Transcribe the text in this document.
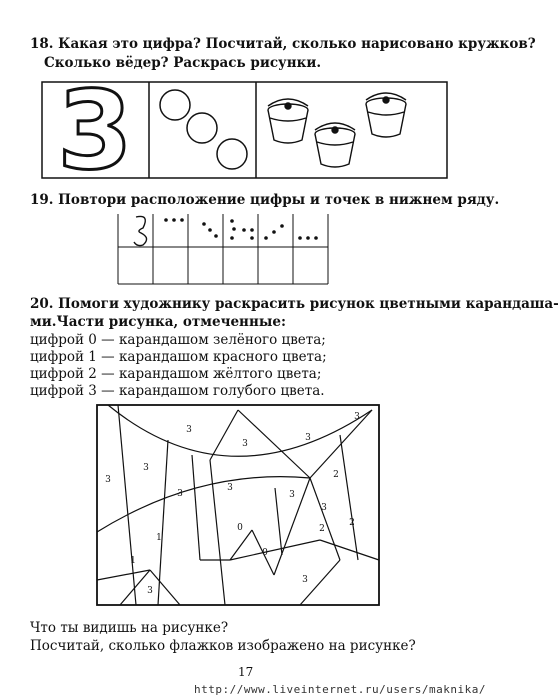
18. Какая это цифра? Посчитай, сколько нарисовано кружков?
Сколько вёдер? Раскрась рисунки.
3
3
3
3
3
3
3
3
3
3
2
2
2
1
1
0
0
3
3
3
19. Повтори расположение цифры и точек в нижнем ряду.
20. Помоги художнику раскрасить рисунок цветными карандаша-
ми.Части рисунка, отмеченные:
цифрой 0 — карандашом зелёного цвета;
цифрой 1 — карандашом красного цвета;
цифрой 2 — карандашом жёлтого цвета;
цифрой 3 — карандашом голубого цвета.
Что ты видишь на рисунке?
Посчитай, сколько флажков изображено на рисунке?
17
http://www.liveinternet.ru/users/maknika/
